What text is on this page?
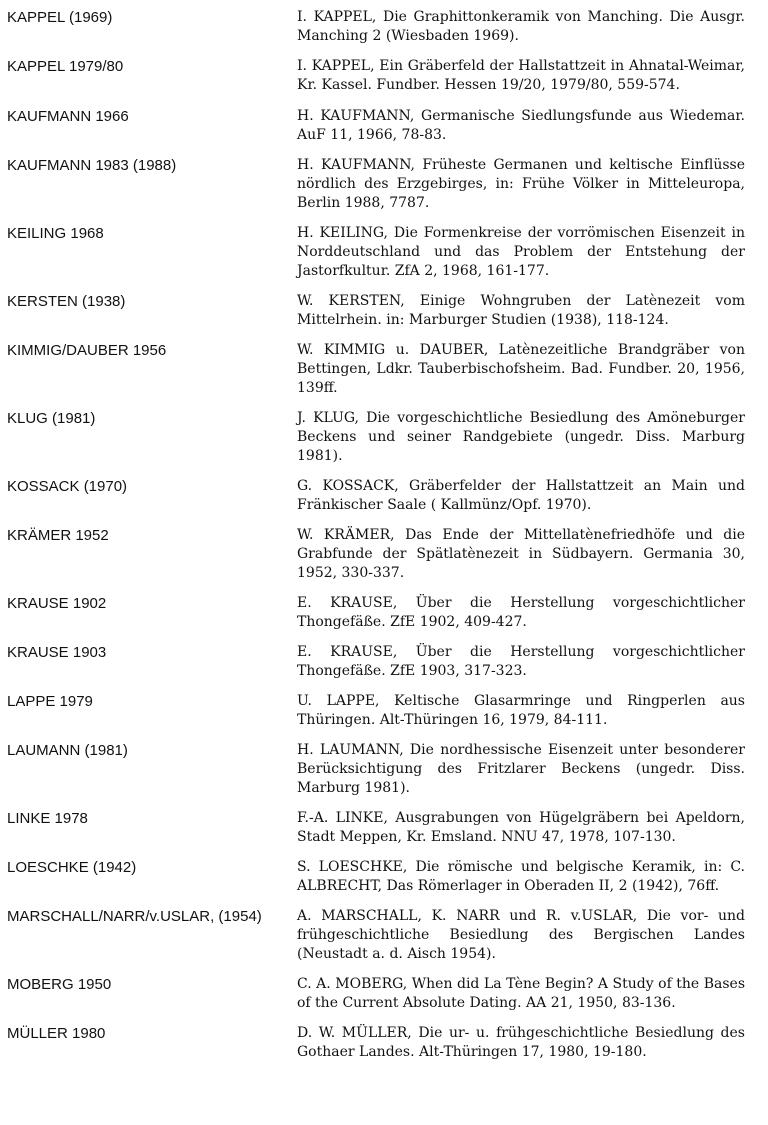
KAPPEL (1969)	I. KAPPEL, Die Graphittonkeramik von Manching. Die Ausgr. Manching 2 (Wiesbaden 1969).
KAPPEL 1979/80	I. KAPPEL, Ein Gräberfeld der Hallstattzeit in Ahnatal-Weimar, Kr. Kassel. Fundber. Hessen 19/20, 1979/80, 559-574.
KAUFMANN 1966	H. KAUFMANN, Germanische Siedlungsfunde aus Wiedemar. AuF 11, 1966, 78-83.
KAUFMANN 1983 (1988)	H. KAUFMANN, Früheste Germanen und keltische Einflüsse nördlich des Erzgebirges, in: Frühe Völker in Mitteleuropa, Berlin 1988, 7787.
KEILING 1968	H. KEILING, Die Formenkreise der vorrömischen Eisenzeit in Norddeutschland und das Problem der Entstehung der Jastorfkultur. ZfA 2, 1968, 161-177.
KERSTEN (1938)	W. KERSTEN, Einige Wohngruben der Latènezeit vom Mittelrhein. in: Marburger Studien (1938), 118-124.
KIMMIG/DAUBER 1956	W. KIMMIG u. DAUBER, Latènezeitliche Brandgräber von Bettingen, Ldkr. Tauberbischofsheim. Bad. Fundber. 20, 1956, 139ff.
KLUG (1981)	J. KLUG, Die vorgeschichtliche Besiedlung des Amöneburger Beckens und seiner Randgebiete (ungedr. Diss. Marburg 1981).
KOSSACK (1970)	G. KOSSACK, Gräberfelder der Hallstattzeit an Main und Fränkischer Saale ( Kallmünz/Opf. 1970).
KRÄMER 1952	W. KRÄMER, Das Ende der Mittellatènefriedhöfe und die Grabfunde der Spätlatènezeit in Südbayern. Germania 30, 1952, 330-337.
KRAUSE 1902	E. KRAUSE, Über die Herstellung vorgeschichtlicher Thongefäße. ZfE 1902, 409-427.
KRAUSE 1903	E. KRAUSE, Über die Herstellung vorgeschichtlicher Thongefäße. ZfE 1903, 317-323.
LAPPE 1979	U. LAPPE, Keltische Glasarmringe und Ringperlen aus Thüringen. Alt-Thüringen 16, 1979, 84-111.
LAUMANN (1981)	H. LAUMANN, Die nordhessische Eisenzeit unter besonderer Berücksichtigung des Fritzlarer Beckens (ungedr. Diss. Marburg 1981).
LINKE 1978	F.-A. LINKE, Ausgrabungen von Hügelgräbern bei Apeldorn, Stadt Meppen, Kr. Emsland. NNU 47, 1978, 107-130.
LOESCHKE (1942)	S. LOESCHKE, Die römische und belgische Keramik, in: C. ALBRECHT, Das Römerlager in Oberaden II, 2 (1942), 76ff.
MARSCHALL/NARR/v.USLAR, (1954)	A. MARSCHALL, K. NARR und R. v.USLAR, Die vor- und frühgeschichtliche Besiedlung des Bergischen Landes (Neustadt a. d. Aisch 1954).
MOBERG 1950	C. A. MOBERG, When did La Tène Begin? A Study of the Bases of the Current Absolute Dating. AA 21, 1950, 83-136.
MÜLLER 1980	D. W. MÜLLER, Die ur- u. frühgeschichtliche Besiedlung des Gothaer Landes. Alt-Thüringen 17, 1980, 19-180.
